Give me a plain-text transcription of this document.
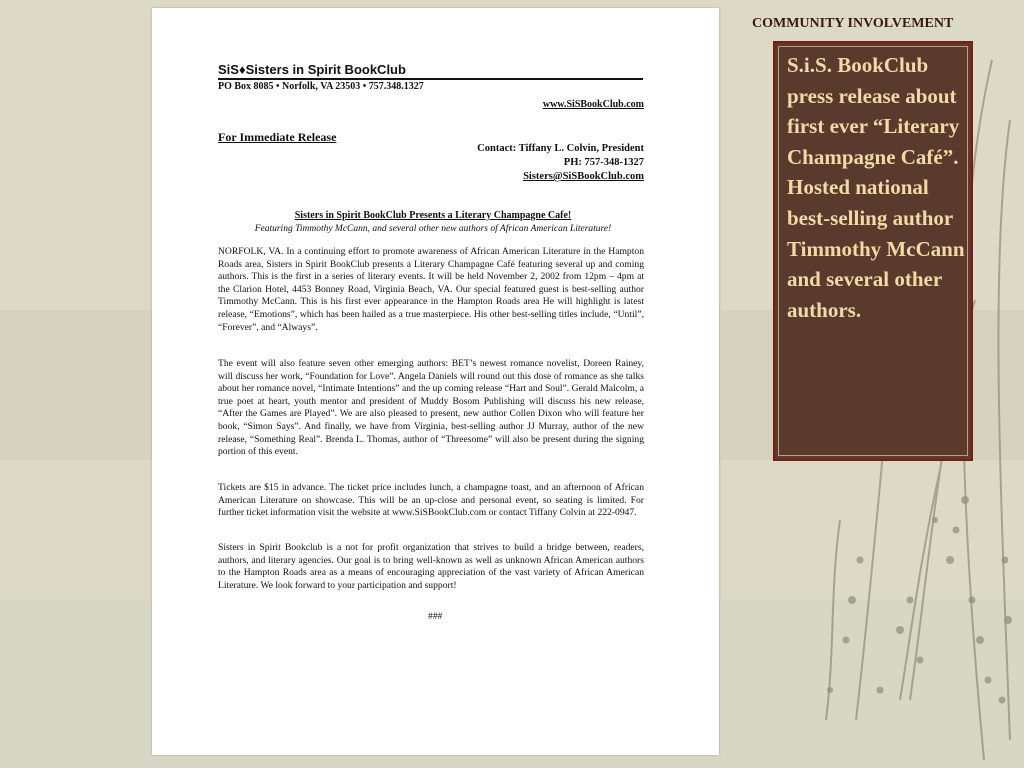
SiS♦Sisters in Spirit BookClub
PO Box 8085 • Norfolk, VA 23503 • 757.348.1327
www.SiSBookClub.com
For Immediate Release
Contact: Tiffany L. Colvin, President
PH: 757-348-1327
Sisters@SiSBookClub.com
Sisters in Spirit BookClub Presents a Literary Champagne Cafe!
Featuring Timmothy McCann, and several other new authors of African American Literature!
NORFOLK, VA. In a continuing effort to promote awareness of African American Literature in the Hampton Roads area, Sisters in Spirit BookClub presents a Literary Champagne Café featuring several up and coming authors. This is the first in a series of literary events. It will be held November 2, 2002 from 12pm – 4pm at the Clarion Hotel, 4453 Bonney Road, Virginia Beach, VA. Our special featured guest is best-selling author Timmothy McCann. This is his first ever appearance in the Hampton Roads area He will highlight is latest release, “Emotions”, which has been hailed as a true masterpiece. His other best-selling titles include, “Until”, “Forever”, and “Always”.
The event will also feature seven other emerging authors: BET’s newest romance novelist, Doreen Rainey, will discuss her work, “Foundation for Love”. Angela Daniels will round out this dose of romance as she talks about her romance novel, “Intimate Intentions” and the up coming release “Hart and Soul”. Gerald Malcolm, a true poet at heart, youth mentor and president of Muddy Bosom Publishing will discuss his new release, “After the Games are Played”. We are also pleased to present, new author Collen Dixon who will feature her book, “Simon Says”. And finally, we have from Virginia, best-selling author JJ Murray, author of the new release, “Something Real”. Brenda L. Thomas, author of “Threesome” will also be present during the signing portion of this event.
Tickets are $15 in advance. The ticket price includes lunch, a champagne toast, and an afternoon of African American Literature on showcase. This will be an up-close and personal event, so seating is limited. For further ticket information visit the website at www.SiSBookClub.com or contact Tiffany Colvin at 222-0947.
Sisters in Spirit Bookclub is a not for profit organization that strives to build a bridge between, readers, authors, and literary agencies. Our goal is to bring well-known as well as unknown African American authors to the Hampton Roads area as a means of encouraging appreciation of the vast variety of African American Literature. We look forward to your participation and support!
###
COMMUNITY INVOLVEMENT
S.i.S. BookClub press release about first ever “Literary Champagne Café”. Hosted national best-selling author Timmothy McCann and several other authors.
